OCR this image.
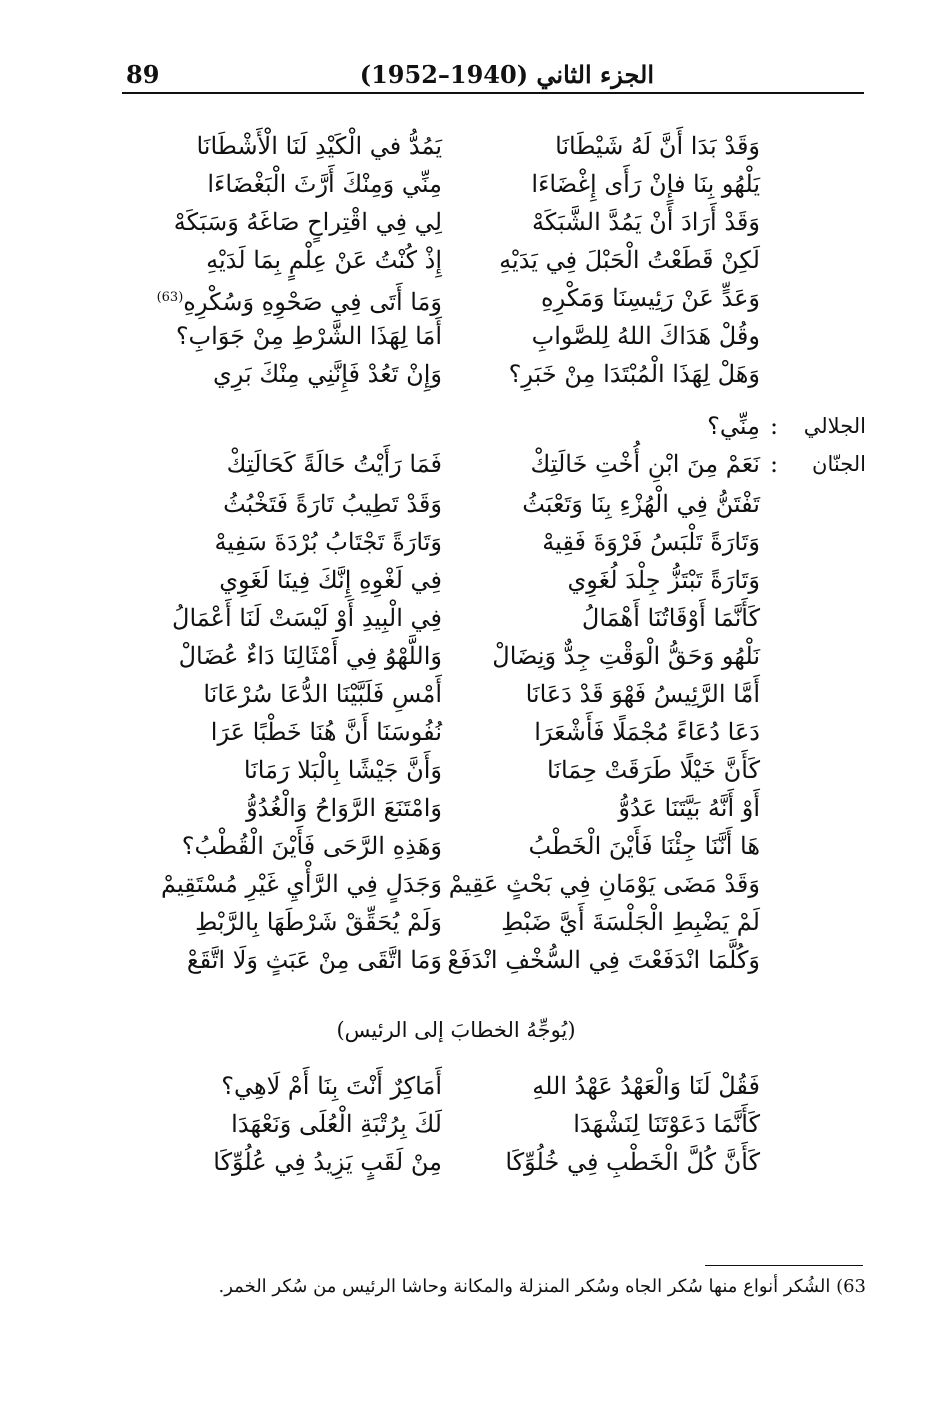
89	الجزء الثاني (1940–1952)
وَقَدْ بَدَا أَنَّ لَهُ شَيْطَانَا
يَمُدُّ في الْكَيْدِ لَنَا الْأَشْطَانَا
يَلْهُو بِنَا فإِنْ رَأَى إِغْضَاءَا
مِنِّي وَمِنْكَ أَرَّثَ الْبَغْضَاءَا
وَقَدْ أَرَادَ أَنْ يَمُدَّ الشَّبَكَهْ
لِي فِي اقْتِراحٍ صَاغَهُ وَسَبَكَهْ
لَكِنْ قَطَعْتُ الْحَبْلَ فِي يَدَيْهِ
إِذْ كُنْتُ عَنْ عِلْمٍ بِمَا لَدَيْهِ
وَعَدٍّ عَنْ رَئِيسِنَا وَمَكْرِهِ
وَمَا أَتَى فِي صَحْوِهِ وَسُكْرِهِ$^{(63)}$
وقُلْ هَدَاكَ اللهُ لِلصَّوابِ
أَمَا لِهَذَا الشَّرْطِ مِنْ جَوَابِ؟
وَهَلْ لِهَذَا الْمُبْتَدَا مِنْ خَبَرِ؟
وَإِنْ تَعُدْ فَإِنَّنِي مِنْكَ بَرِي
الجلالي
:
مِنِّي؟
الجنّان
:
نَعَمْ مِنَ ابْنِ أُخْتِ خَالَتِكْ
فَمَا رَأَيْتُ حَالَةً كَحَالَتِكْ
تَفْتَنُّ فِي الْهُزْءِ بِنَا وَتَعْبَثُ
وَقَدْ تَطِيبُ تَارَةً فَتَخْبُثُ
وَتَارَةً تَلْبَسُ فَرْوَةَ فَقِيهْ
وَتَارَةً تَجْتَابُ بُرْدَةَ سَفِيهْ
وَتَارَةً تَبْتَزُّ جِلْدَ لُغَوِي
فِي لَغْوِهِ إِنَّكَ فِينَا لَغَوِي
كَأَنَّمَا أَوْقَاتُنَا أَهْمَالُ
فِي الْبِيدِ أَوْ لَيْسَتْ لَنَا أَعْمَالُ
نَلْهُو وَحَقُّ الْوَقْتِ جِدٌّ وَنِضَالْ
وَاللَّهْوُ فِي أَمْثَالِنَا دَاءٌ عُضَالْ
أَمَّا الرَّئِيسُ فَهْوَ قَدْ دَعَانَا
أَمْسِ فَلَبَّيْنَا الدُّعَا سُرْعَانَا
دَعَا دُعَاءً مُجْمَلًا فَأَشْعَرَا
نُفُوسَنَا أَنَّ هُنَا خَطْبًا عَرَا
كَأَنَّ خَيْلًا طَرَقَتْ حِمَانَا
وَأَنَّ جَيْشًا بِالْبَلا رَمَانَا
أَوْ أَنَّهُ بَيَّتَنَا عَدُوُّ
وَامْتَنَعَ الرَّوَاحُ وَالْغُدُوُّ
هَا أَنَّنَا جِئْنَا فَأَيْنَ الْخَطْبُ
وَهَذِهِ الرَّحَى فَأَيْنَ الْقُطْبُ؟
وَقَدْ مَضَى يَوْمَانِ فِي بَحْثٍ عَقِيمْ
وَجَدَلٍ فِي الرَّأْيِ غَيْرِ مُسْتَقِيمْ
لَمْ يَضْبِطِ الْجَلْسَةَ أَيَّ ضَبْطِ
وَلَمْ يُحَقِّقْ شَرْطَهَا بِالرَّبْطِ
وَكُلَّمَا انْدَفَعْتَ فِي السُّخْفِ انْدَفَعْ
وَمَا اتَّقَى مِنْ عَبَثٍ وَلَا اتَّقَعْ
(يُوجِّهُ الخطابَ إلى الرئيس)
فَقُلْ لَنَا وَالْعَهْدُ عَهْدُ اللهِ
أَمَاكِرٌ أَنْتَ بِنَا أَمْ لَاهِي؟
كَأَنَّمَا دَعَوْتَنَا لِنَشْهَدَا
لَكَ بِرُتْبَةِ الْعُلَى وَنَعْهَدَا
كَأَنَّ كُلَّ الْخَطْبِ فِي خُلُوِّكَا
مِنْ لَقَبٍ يَزِيدُ فِي عُلُوِّكَا
63) الشُكر أنواع منها سُكر الجاه وسُكر المنزلة والمكانة وحاشا الرئيس من سُكر الخمر.
